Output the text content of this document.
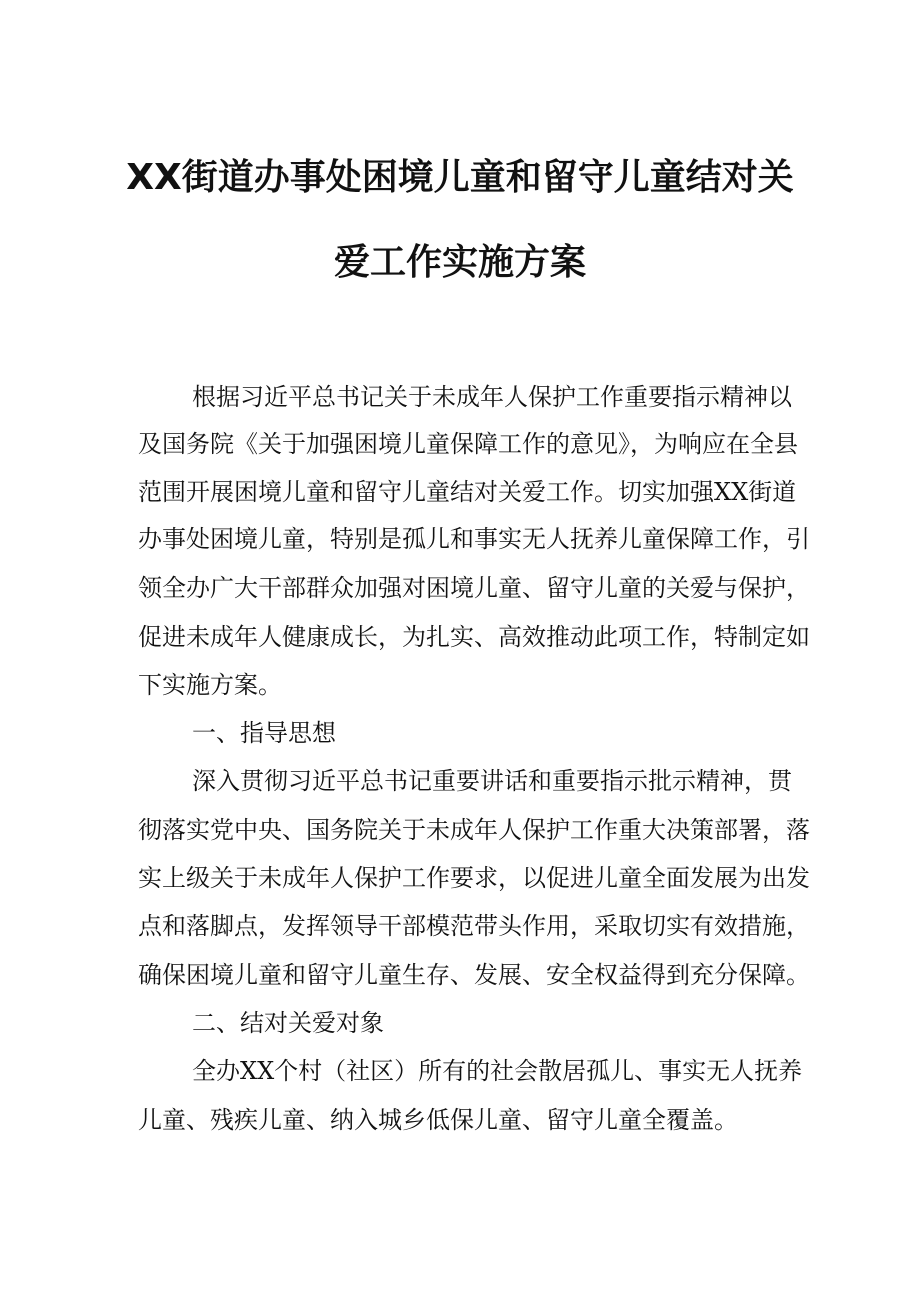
XX街道办事处困境儿童和留守儿童结对关
爱工作实施方案
根据习近平总书记关于未成年人保护工作重要指示精神以
及国务院《关于加强困境儿童保障工作的意见》，为响应在全县
范围开展困境儿童和留守儿童结对关爱工作。切实加强XX街道
办事处困境儿童，特别是孤儿和事实无人抚养儿童保障工作，引
领全办广大干部群众加强对困境儿童、留守儿童的关爱与保护，
促进未成年人健康成长，为扎实、高效推动此项工作，特制定如
下实施方案。
一、指导思想
深入贯彻习近平总书记重要讲话和重要指示批示精神，贯
彻落实党中央、国务院关于未成年人保护工作重大决策部署，落
实上级关于未成年人保护工作要求，以促进儿童全面发展为出发
点和落脚点，发挥领导干部模范带头作用，采取切实有效措施，
确保困境儿童和留守儿童生存、发展、安全权益得到充分保障。
二、结对关爱对象
全办XX个村（社区）所有的社会散居孤儿、事实无人抚养
儿童、残疾儿童、纳入城乡低保儿童、留守儿童全覆盖。
